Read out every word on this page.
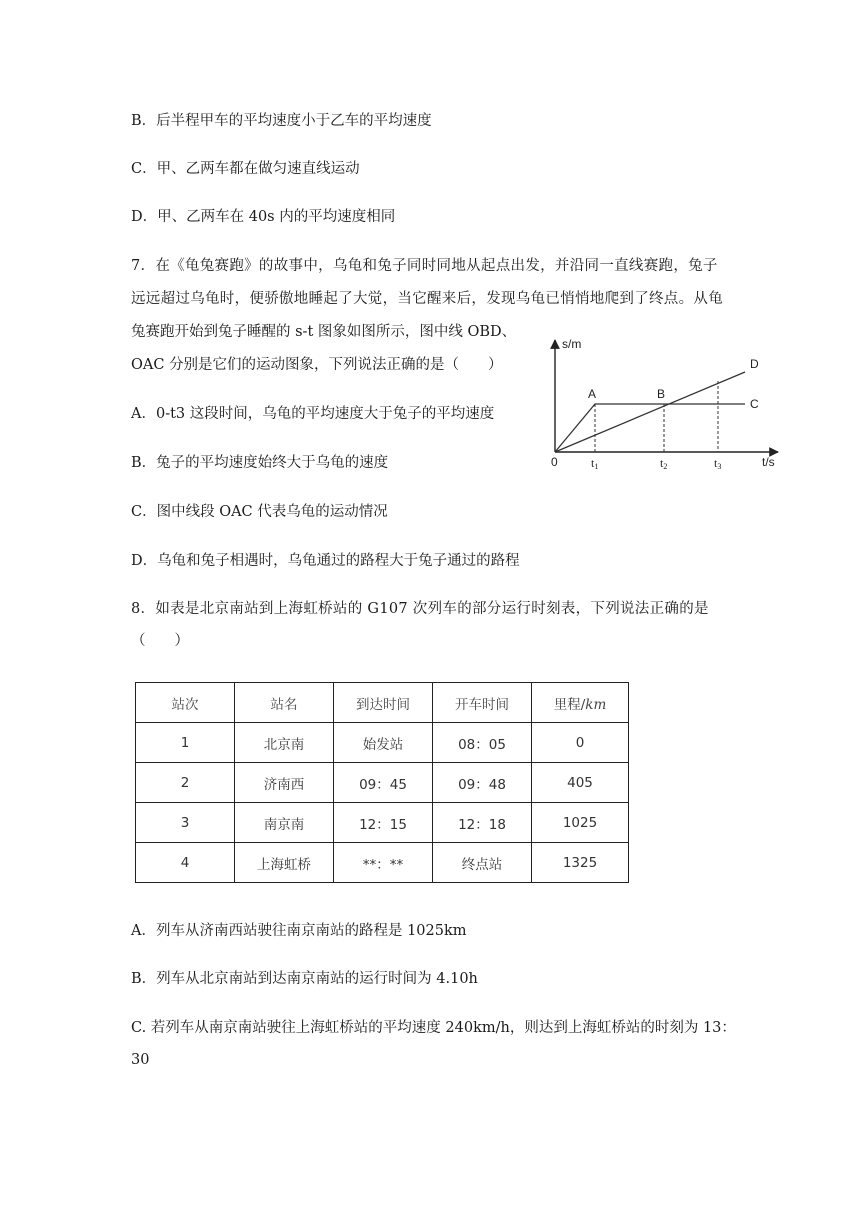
B．后半程甲车的平均速度小于乙车的平均速度
C．甲、乙两车都在做匀速直线运动
D．甲、乙两车在 40s 内的平均速度相同
7．在《龟兔赛跑》的故事中，乌龟和兔子同时同地从起点出发，并沿同一直线赛跑，兔子
远远超过乌龟时，便骄傲地睡起了大觉，当它醒来后，发现乌龟已悄悄地爬到了终点。从龟
兔赛跑开始到兔子睡醒的 s-t 图象如图所示，图中线 OBD、
OAC 分别是它们的运动图象，下列说法正确的是（　　）
A．0-t3 这段时间，乌龟的平均速度大于兔子的平均速度
B．兔子的平均速度始终大于乌龟的速度
C．图中线段 OAC 代表乌龟的运动情况
D．乌龟和兔子相遇时，乌龟通过的路程大于兔子通过的路程
s/m
t/s
0
A	B
C
D
t1	t2	t3
8．如表是北京南站到上海虹桥站的 G107 次列车的部分运行时刻表，下列说法正确的是
（　　）
站次	站名	到达时间	开车时间	里程/km
1	北京南	始发站	08：05	0
2	济南西	09：45	09：48	405
3	南京南	12：15	12：18	1025
4	上海虹桥	**：**	终点站	1325
A．列车从济南西站驶往南京南站的路程是 1025km
B．列车从北京南站到达南京南站的运行时间为 4.10h
C. 若列车从南京南站驶往上海虹桥站的平均速度 240km/h，则达到上海虹桥站的时刻为 13：
30
